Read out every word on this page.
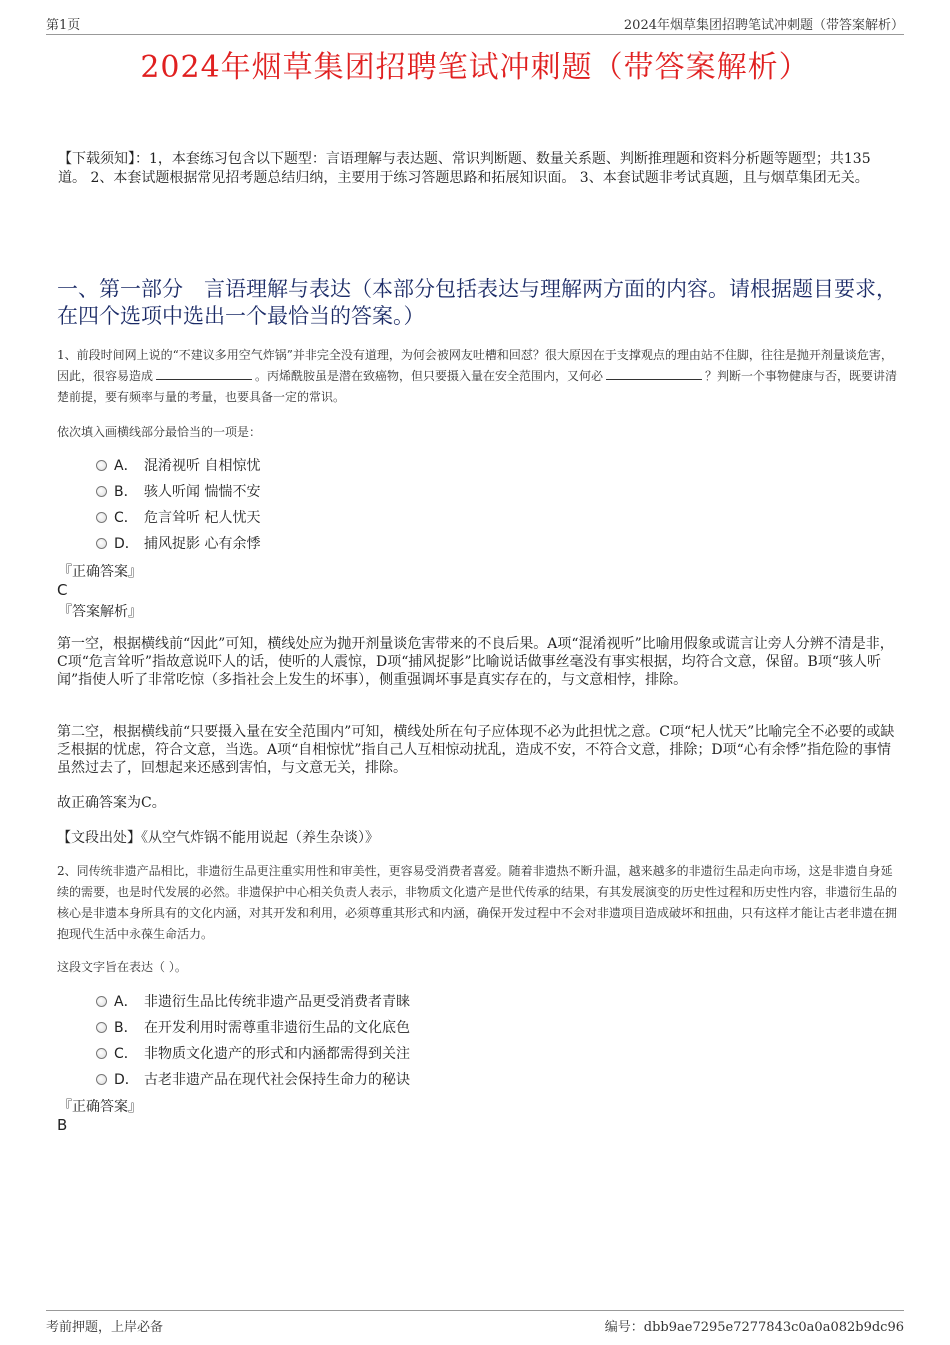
第1页	2024年烟草集团招聘笔试冲刺题（带答案解析）
2024年烟草集团招聘笔试冲刺题（带答案解析）
【下载须知】：1，本套练习包含以下题型：言语理解与表达题、常识判断题、数量关系题、判断推理题和资料分析题等题型；共135道。 2、本套试题根据常见招考题总结归纳，主要用于练习答题思路和拓展知识面。 3、本套试题非考试真题，且与烟草集团无关。
一、第一部分　言语理解与表达（本部分包括表达与理解两方面的内容。请根据题目要求，在四个选项中选出一个最恰当的答案。）
1、前段时间网上说的“不建议多用空气炸锅”并非完全没有道理，为何会被网友吐槽和回怼？很大原因在于支撑观点的理由站不住脚，往往是抛开剂量谈危害，因此，很容易造成	。丙烯酰胺虽是潜在致癌物，但只要摄入量在安全范围内，又何必	？判断一个事物健康与否，既要讲清楚前提，要有频率与量的考量，也要具备一定的常识。
依次填入画横线部分最恰当的一项是：
A． 混淆视听 自相惊忧
B． 骇人听闻 惴惴不安
C． 危言耸听 杞人忧天
D． 捕风捉影 心有余悸
『正确答案』
C
『答案解析』
第一空，根据横线前“因此”可知，横线处应为抛开剂量谈危害带来的不良后果。A项“混淆视听”比喻用假象或谎言让旁人分辨不清是非，C项“危言耸听”指故意说吓人的话，使听的人震惊，D项“捕风捉影”比喻说话做事丝毫没有事实根据，均符合文意，保留。B项“骇人听闻”指使人听了非常吃惊（多指社会上发生的坏事），侧重强调坏事是真实存在的，与文意相悖，排除。
第二空，根据横线前“只要摄入量在安全范围内”可知，横线处所在句子应体现不必为此担忧之意。C项“杞人忧天”比喻完全不必要的或缺乏根据的忧虑，符合文意，当选。A项“自相惊忧”指自己人互相惊动扰乱，造成不安，不符合文意，排除；D项“心有余悸”指危险的事情虽然过去了，回想起来还感到害怕，与文意无关，排除。
故正确答案为C。
【文段出处】《从空气炸锅不能用说起（养生杂谈）》
2、同传统非遗产品相比，非遗衍生品更注重实用性和审美性，更容易受消费者喜爱。随着非遗热不断升温，越来越多的非遗衍生品走向市场，这是非遗自身延续的需要，也是时代发展的必然。非遗保护中心相关负责人表示，非物质文化遗产是世代传承的结果，有其发展演变的历史性过程和历史性内容，非遗衍生品的核心是非遗本身所具有的文化内涵，对其开发和利用，必须尊重其形式和内涵，确保开发过程中不会对非遗项目造成破坏和扭曲，只有这样才能让古老非遗在拥抱现代生活中永葆生命活力。
这段文字旨在表达（ ）。
A． 非遗衍生品比传统非遗产品更受消费者青睐
B． 在开发利用时需尊重非遗衍生品的文化底色
C． 非物质文化遗产的形式和内涵都需得到关注
D． 古老非遗产品在现代社会保持生命力的秘诀
『正确答案』
B
考前押题，上岸必备	编号：dbb9ae7295e7277843c0a0a082b9dc96
